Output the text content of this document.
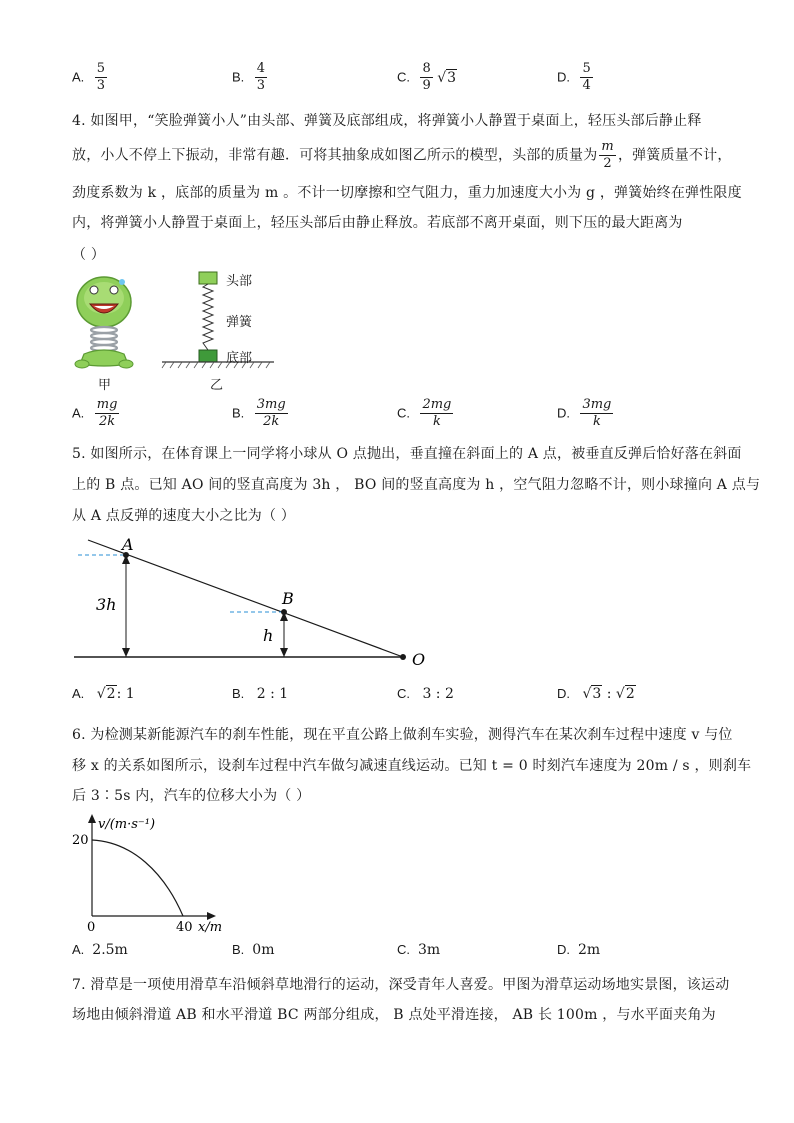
A. $\frac{5}{3}$	B. $\frac{4}{3}$	C. $\frac{8}{9} √3$	D. $\frac{5}{4}$
4. 如图甲，“笑脸弹簧小人”由头部、弹簧及底部组成，将弹簧小人静置于桌面上，轻压头部后静止释
放，小人不停上下振动，非常有趣．可将其抽象成如图乙所示的模型，头部的质量为 $\frac{m}{2}$ ，弹簧质量不计，
劲度系数为 k ，底部的质量为 m 。不计一切摩擦和空气阻力，重力加速度大小为 g ，弹簧始终在弹性限度
内，将弹簧小人静置于桌面上，轻压头部后由静止释放。若底部不离开桌面，则下压的最大距离为
（ ）
甲
头部
弹簧
底部
乙
A. $\frac{mg}{2k}$	B. $\frac{3mg}{2k}$	C. $\frac{2mg}{k}$	D. $\frac{3mg}{k}$
5. 如图所示，在体育课上一同学将小球从 O 点抛出，垂直撞在斜面上的 A 点，被垂直反弹后恰好落在斜面
上的 B 点。已知 AO 间的竖直高度为 3h ， BO 间的竖直高度为 h ，空气阻力忽略不计，则小球撞向 A 点与
从 A 点反弹的速度大小之比为（ ）
A
B
O
3h
h
A. √2: 1	B. 2 : 1	C. 3 : 2	D. √3 : √2
6. 为检测某新能源汽车的刹车性能，现在平直公路上做刹车实验，测得汽车在某次刹车过程中速度 v 与位
移 x 的关系如图所示，设刹车过程中汽车做匀减速直线运动。已知 t = 0 时刻汽车速度为 20m / s ，则刹车
后 3∶5s 内，汽车的位移大小为（ ）
v/(m·s⁻¹)
20
0	40 x/m
A. 2.5m	B. 0m	C. 3m	D. 2m
7. 滑草是一项使用滑草车沿倾斜草地滑行的运动，深受青年人喜爱。甲图为滑草运动场地实景图，该运动
场地由倾斜滑道 AB 和水平滑道 BC 两部分组成， B 点处平滑连接， AB 长 100m ，与水平面夹角为
